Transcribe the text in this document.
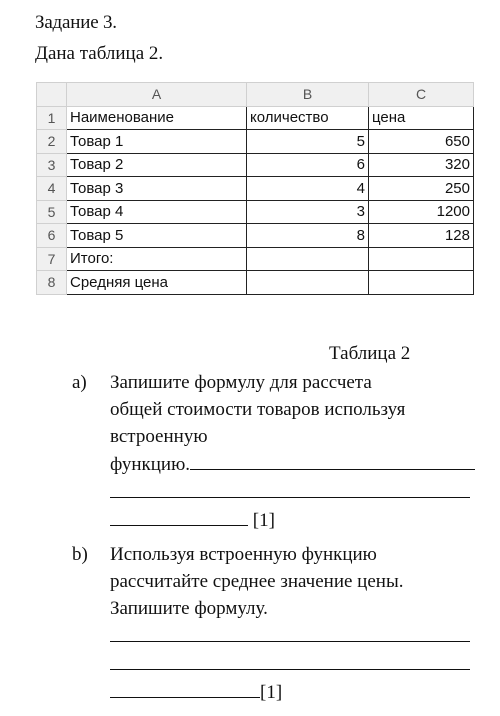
Задание 3.
Дана таблица 2.
	A	B	C
1	Наименование	количество	цена
2	Товар 1	5	650
3	Товар 2	6	320
4	Товар 3	4	250
5	Товар 4	3	1200
6	Товар 5	8	128
7	Итого:		
8	Средняя цена		
Таблица 2
a) Запишите формулу для рассчета
общей стоимости товаров используя
встроенную
функцию.
[1]
b) Используя встроенную функцию
рассчитайте среднее значение цены.
Запишите формулу.
[1]
